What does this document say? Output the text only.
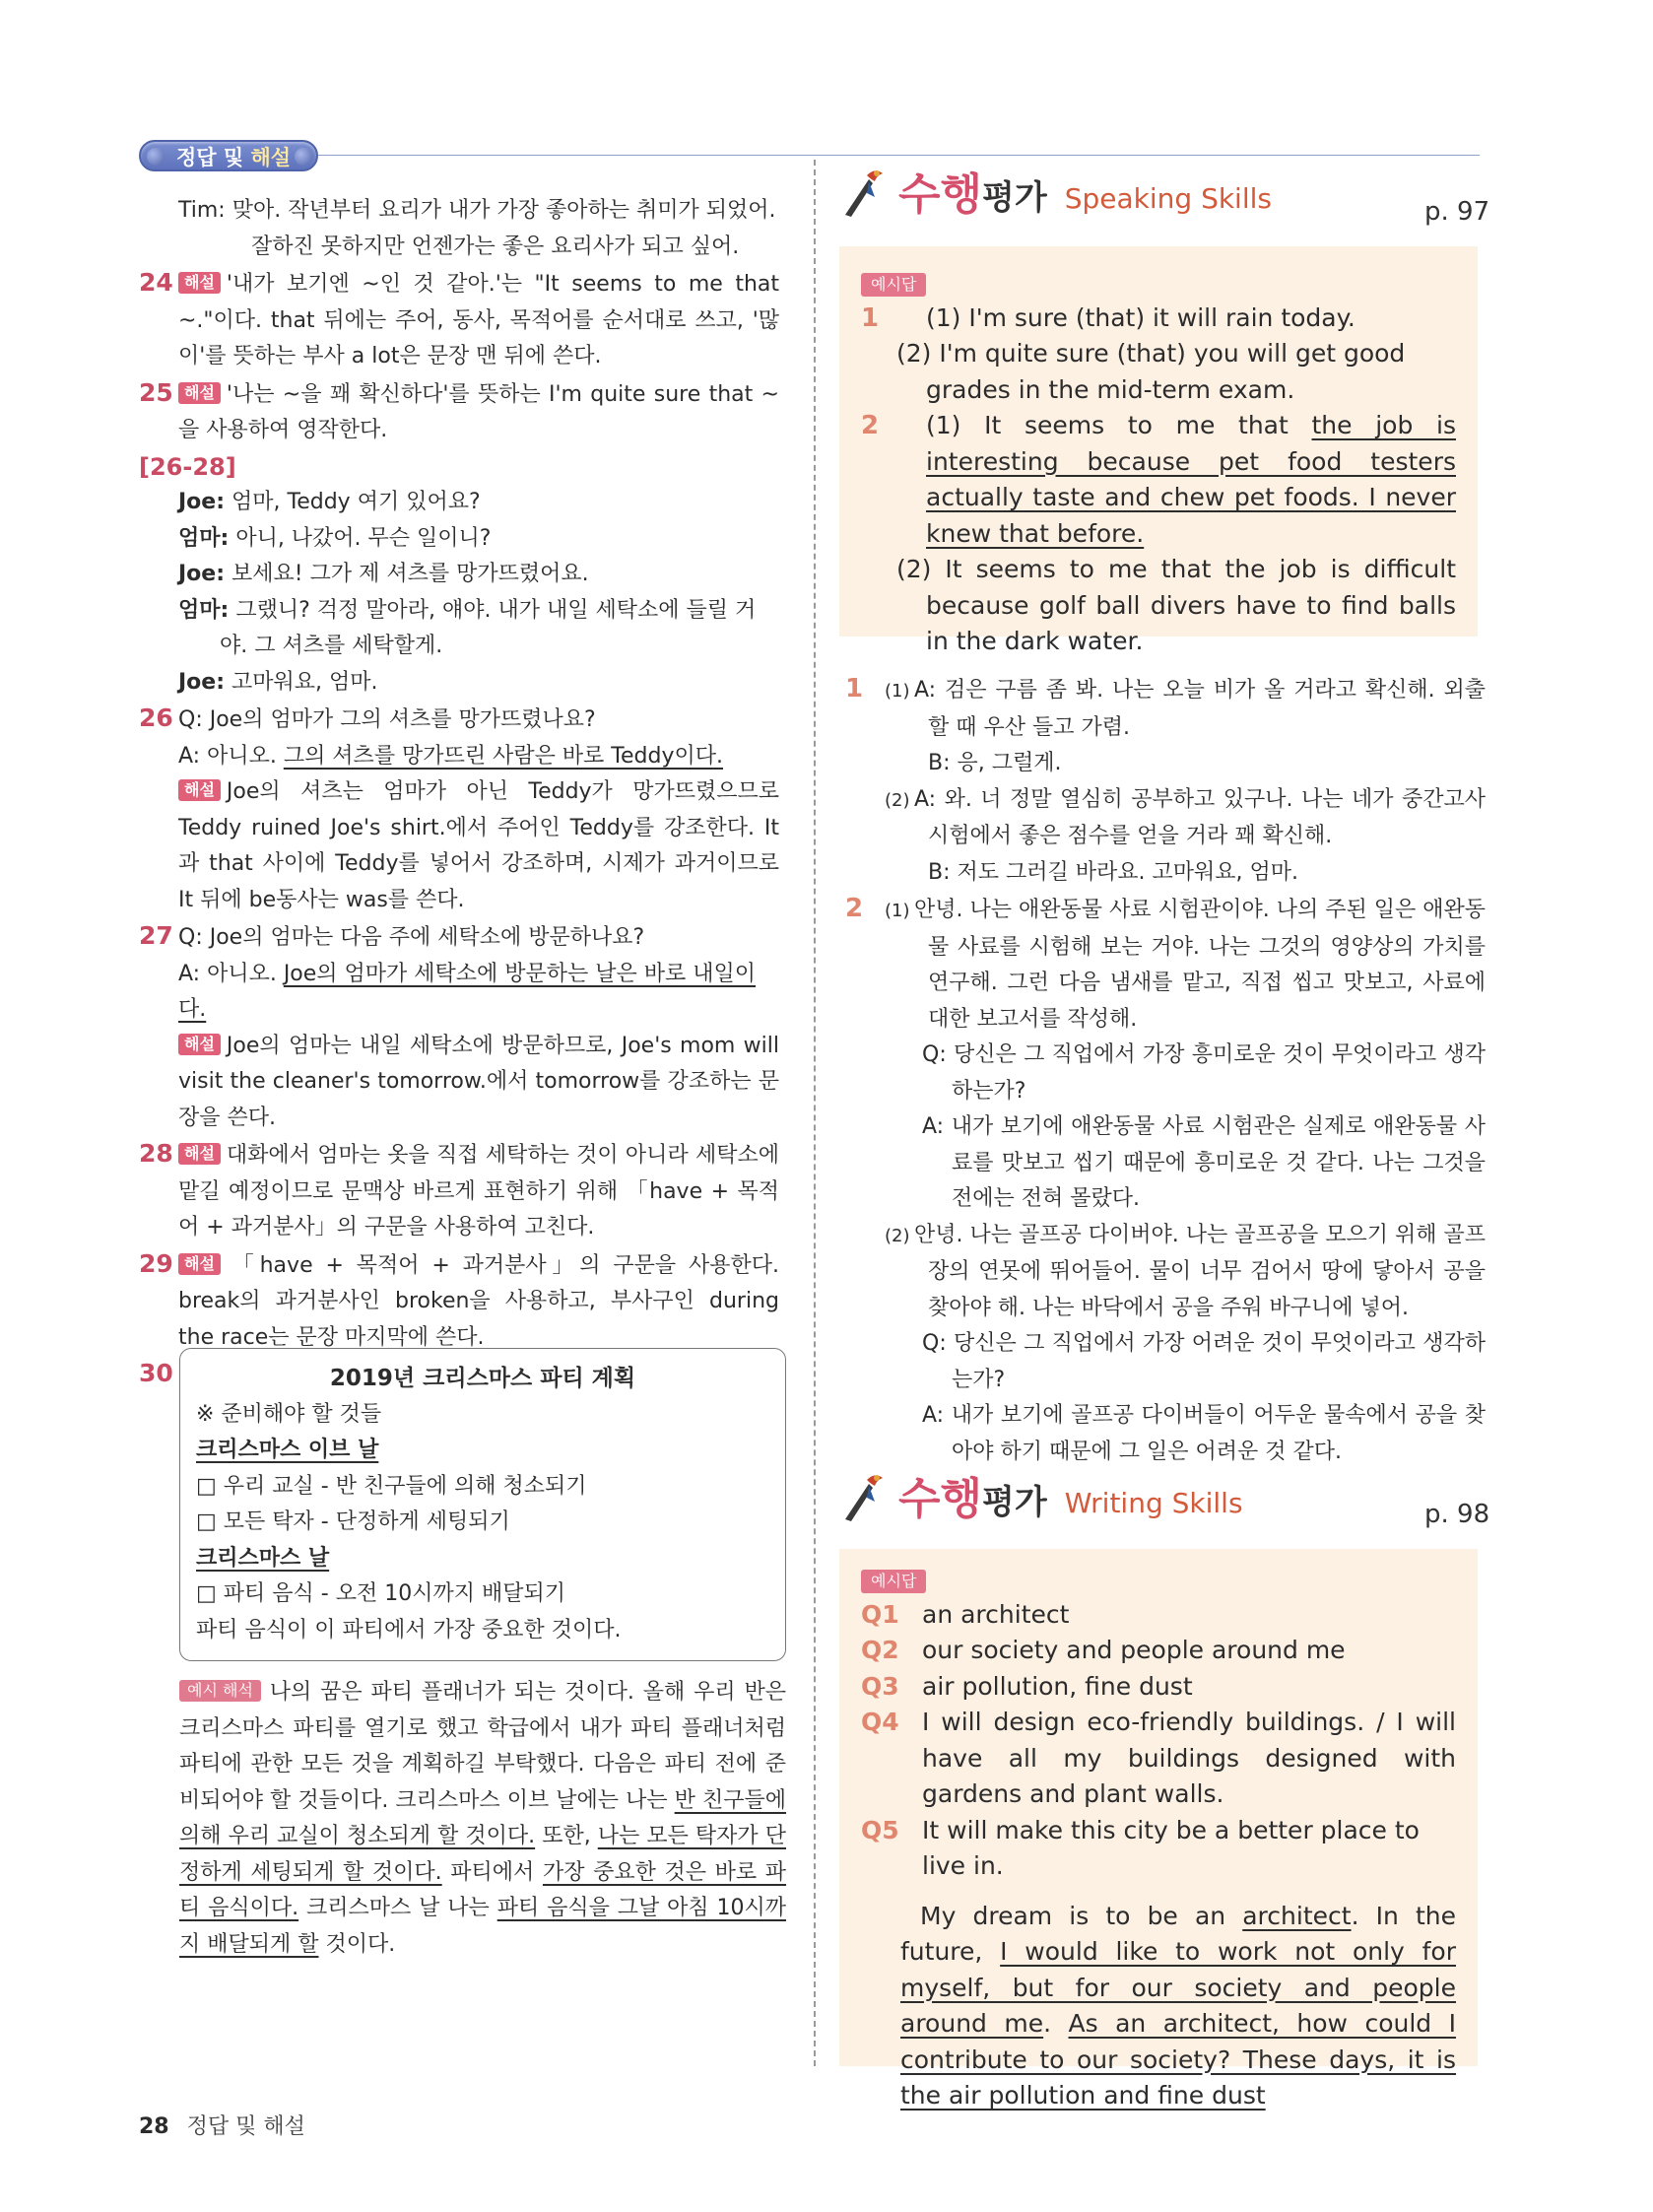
정답 및 해설
Tim: 맞아. 작년부터 요리가 내가 가장 좋아하는 취미가 되었어.
잘하진 못하지만 언젠가는 좋은 요리사가 되고 싶어.
24 해설 '내가 보기엔 ~인 것 같아.'는 "It seems to me that ~."이다. that 뒤에는 주어, 동사, 목적어를 순서대로 쓰고, '많이'를 뜻하는 부사 a lot은 문장 맨 뒤에 쓴다.
25 해설 '나는 ~을 꽤 확신하다'를 뜻하는 I'm quite sure that ~을 사용하여 영작한다.
[26-28]
Joe: 엄마, Teddy 여기 있어요?
엄마: 아니, 나갔어. 무슨 일이니?
Joe: 보세요! 그가 제 셔츠를 망가뜨렸어요.
엄마: 그랬니? 걱정 말아라, 얘야. 내가 내일 세탁소에 들릴 거야. 그 셔츠를 세탁할게.
Joe: 고마워요, 엄마.
26 Q: Joe의 엄마가 그의 셔츠를 망가뜨렸나요?
A: 아니오. 그의 셔츠를 망가뜨린 사람은 바로 Teddy이다.
해설 Joe의 셔츠는 엄마가 아닌 Teddy가 망가뜨렸으므로 Teddy ruined Joe's shirt.에서 주어인 Teddy를 강조한다. It과 that 사이에 Teddy를 넣어서 강조하며, 시제가 과거이므로 It 뒤에 be동사는 was를 쓴다.
27 Q: Joe의 엄마는 다음 주에 세탁소에 방문하나요?
A: 아니오. Joe의 엄마가 세탁소에 방문하는 날은 바로 내일이다.
해설 Joe의 엄마는 내일 세탁소에 방문하므로, Joe's mom will visit the cleaner's tomorrow.에서 tomorrow를 강조하는 문장을 쓴다.
28 해설 대화에서 엄마는 옷을 직접 세탁하는 것이 아니라 세탁소에 맡길 예정이므로 문맥상 바르게 표현하기 위해 「have + 목적어 + 과거분사」의 구문을 사용하여 고친다.
29 해설 「have + 목적어 + 과거분사」의 구문을 사용한다. break의 과거분사인 broken을 사용하고, 부사구인 during the race는 문장 마지막에 쓴다.
30	2019년 크리스마스 파티 계획
※ 준비해야 할 것들
크리스마스 이브 날
□ 우리 교실 - 반 친구들에 의해 청소되기
□ 모든 탁자 - 단정하게 세팅되기
크리스마스 날
□ 파티 음식 - 오전 10시까지 배달되기
파티 음식이 이 파티에서 가장 중요한 것이다.
예시 해석 나의 꿈은 파티 플래너가 되는 것이다. 올해 우리 반은 크리스마스 파티를 열기로 했고 학급에서 내가 파티 플래너처럼 파티에 관한 모든 것을 계획하길 부탁했다. 다음은 파티 전에 준비되어야 할 것들이다. 크리스마스 이브 날에는 나는 반 친구들에 의해 우리 교실이 청소되게 할 것이다. 또한, 나는 모든 탁자가 단정하게 세팅되게 할 것이다. 파티에서 가장 중요한 것은 바로 파티 음식이다. 크리스마스 날 나는 파티 음식을 그날 아침 10시까지 배달되게 할 것이다.
수행 평가 Speaking Skills	p. 97
예시답
1 (1) I'm sure (that) it will rain today.
(2) I'm quite sure (that) you will get good grades in the mid-term exam.
2 (1) It seems to me that the job is interesting because pet food testers actually taste and chew pet foods. I never knew that before.
(2) It seems to me that the job is difficult because golf ball divers have to find balls in the dark water.
1 (1) A: 검은 구름 좀 봐. 나는 오늘 비가 올 거라고 확신해. 외출할 때 우산 들고 가렴.
B: 응, 그럴게.
(2) A: 와. 너 정말 열심히 공부하고 있구나. 나는 네가 중간고사 시험에서 좋은 점수를 얻을 거라 꽤 확신해.
B: 저도 그러길 바라요. 고마워요, 엄마.
2 (1) 안녕. 나는 애완동물 사료 시험관이야. 나의 주된 일은 애완동물 사료를 시험해 보는 거야. 나는 그것의 영양상의 가치를 연구해. 그런 다음 냄새를 맡고, 직접 씹고 맛보고, 사료에 대한 보고서를 작성해.
Q: 당신은 그 직업에서 가장 흥미로운 것이 무엇이라고 생각하는가?
A: 내가 보기에 애완동물 사료 시험관은 실제로 애완동물 사료를 맛보고 씹기 때문에 흥미로운 것 같다. 나는 그것을 전에는 전혀 몰랐다.
(2) 안녕. 나는 골프공 다이버야. 나는 골프공을 모으기 위해 골프장의 연못에 뛰어들어. 물이 너무 검어서 땅에 닿아서 공을 찾아야 해. 나는 바닥에서 공을 주워 바구니에 넣어.
Q: 당신은 그 직업에서 가장 어려운 것이 무엇이라고 생각하는가?
A: 내가 보기에 골프공 다이버들이 어두운 물속에서 공을 찾아야 하기 때문에 그 일은 어려운 것 같다.
수행 평가 Writing Skills	p. 98
예시답
Q1 an architect
Q2 our society and people around me
Q3 air pollution, fine dust
Q4 I will design eco-friendly buildings. / I will have all my buildings designed with gardens and plant walls.
Q5 It will make this city be a better place to live in.
My dream is to be an architect. In the future, I would like to work not only for myself, but for our society and people around me. As an architect, how could I contribute to our society? These days, it is the air pollution and fine dust
28 정답 및 해설
